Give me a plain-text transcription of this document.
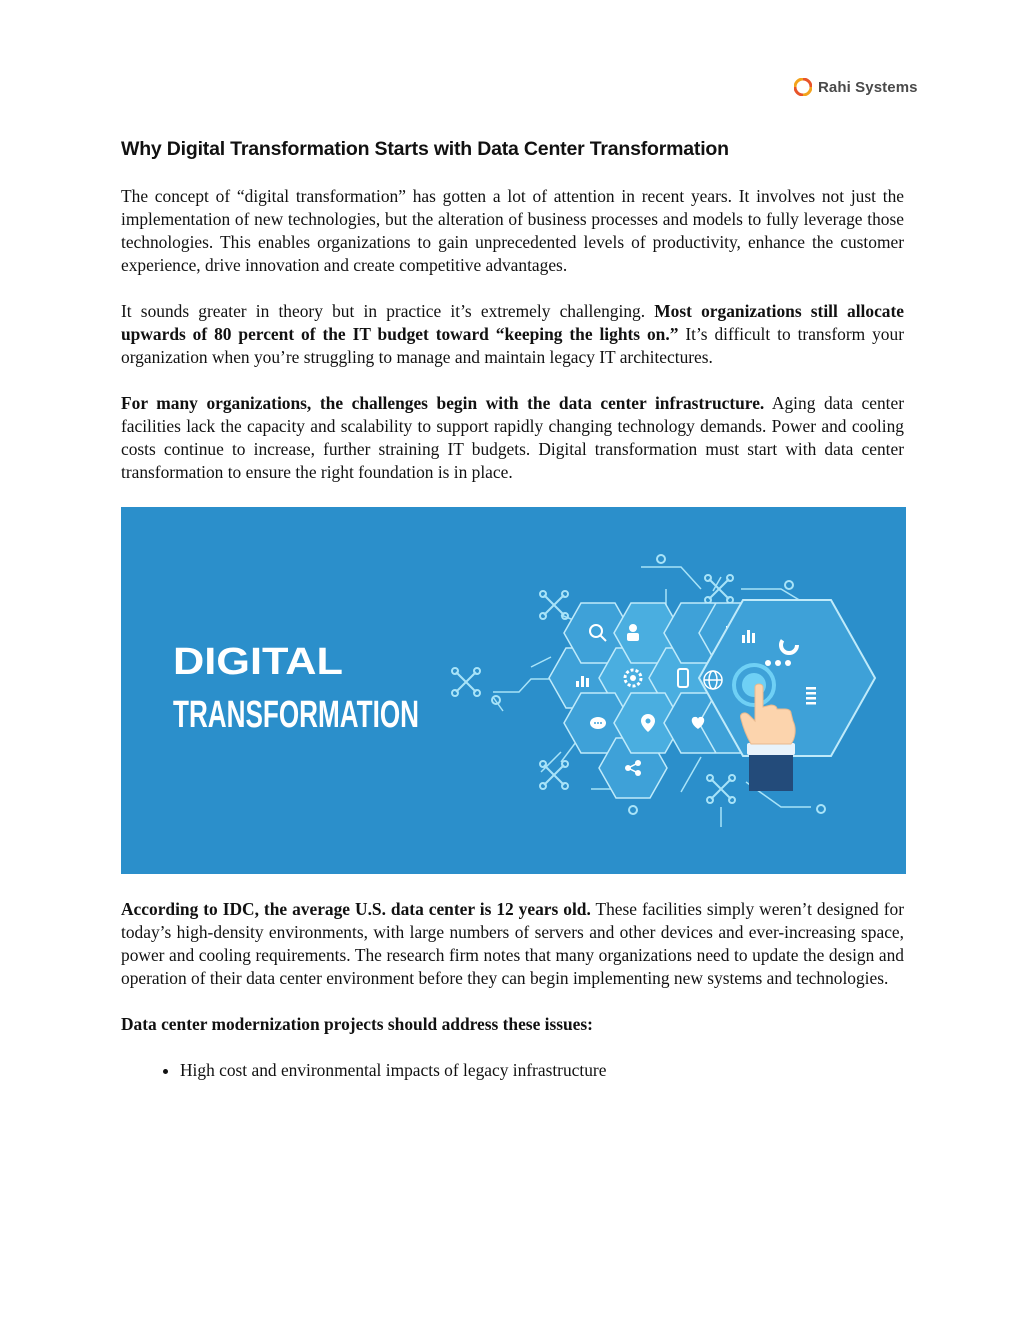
Rahi Systems
Why Digital Transformation Starts with Data Center Transformation

The concept of “digital transformation” has gotten a lot of attention in recent years. It involves not just the implementation of new technologies, but the alteration of business processes and models to fully leverage those technologies. This enables organizations to gain unprecedented levels of productivity, enhance the customer experience, drive innovation and create competitive advantages.

It sounds greater in theory but in practice it’s extremely challenging. Most organizations still allocate upwards of 80 percent of the IT budget toward “keeping the lights on.” It’s difficult to transform your organization when you’re struggling to manage and maintain legacy IT architectures.

For many organizations, the challenges begin with the data center infrastructure. Aging data center facilities lack the capacity and scalability to support rapidly changing technology demands. Power and cooling costs continue to increase, further straining IT budgets. Digital transformation must start with data center transformation to ensure the right foundation is in place.

DIGITAL
TRANSFORMATION

According to IDC, the average U.S. data center is 12 years old. These facilities simply weren’t designed for today’s high-density environments, with large numbers of servers and other devices and ever-increasing space, power and cooling requirements. The research firm notes that many organizations need to update the design and operation of their data center environment before they can begin implementing new systems and technologies.

Data center modernization projects should address these issues:

• High cost and environmental impacts of legacy infrastructure
